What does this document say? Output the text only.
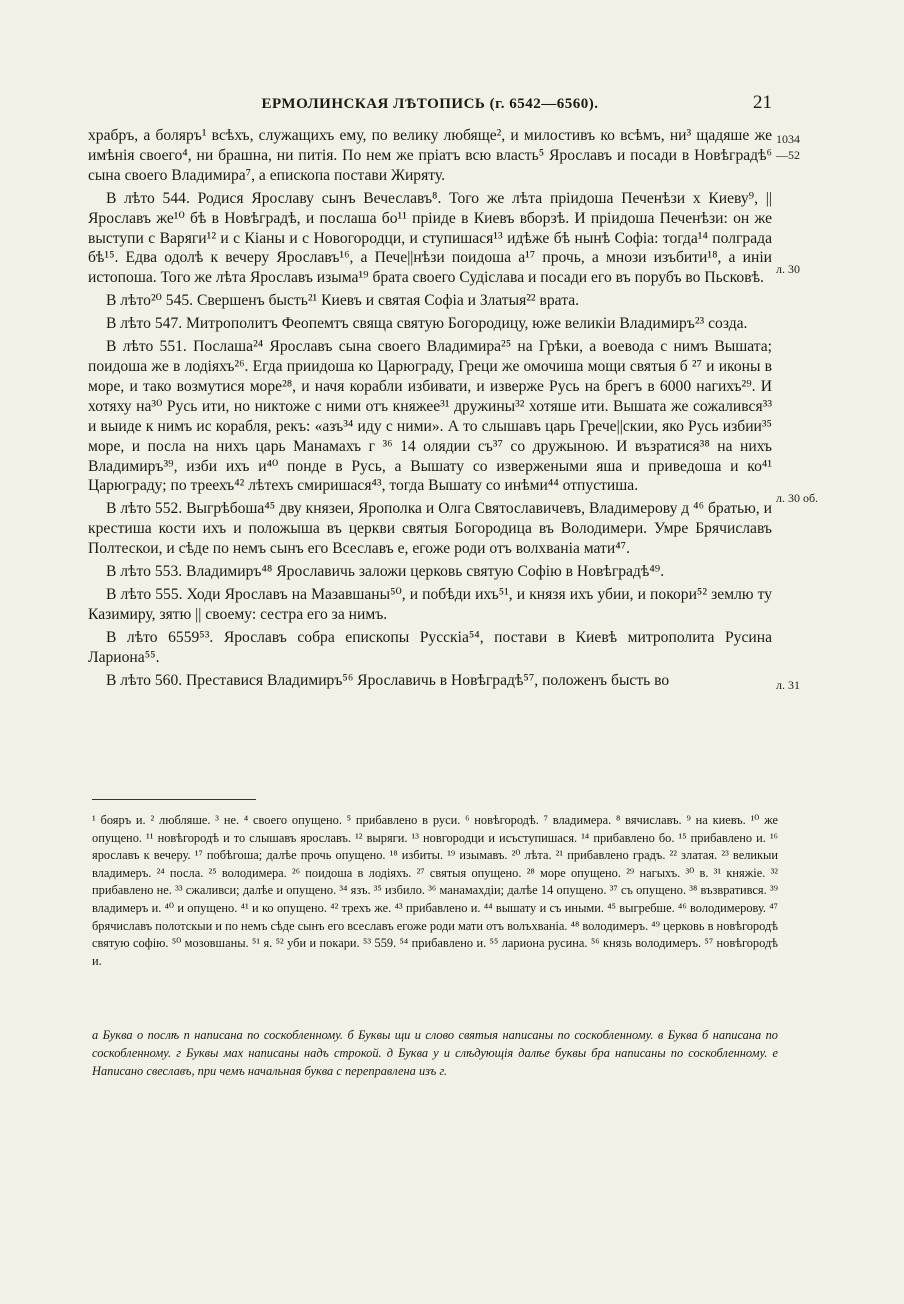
ЕРМОЛИНСКАЯ ЛѢТОПИСЬ (г. 6542—6560).	21
1034
—52
л. 30
л. 30 об.
л. 31

храбръ, а боляръ¹ всѣхъ, служащихъ ему, по велику любяще², и милостивъ ко всѣмъ, ни³ щадяше же имѣнія своего⁴, ни брашна, ни питія. По нем же пріатъ всю власть⁵ Ярославъ и посади в Новѣградѣ⁶ сына своего Владимира⁷, а епископа постави Жиряту.

В лѣто 544. Родися Ярославу сынъ Вечеславъ⁸. Того же лѣта пріидоша Печенѣзи х Киеву⁹, || Ярославъ же¹⁰ бѣ в Новѣградѣ, и послаша бо¹¹ пріиде в Киевъ вборзѣ. И пріидоша Печенѣзи: он же выступи с Варяги¹² и с Кіаны и с Новогородци, и ступишася¹³ идѣже бѣ нынѣ Софіа: тогда¹⁴ полграда бѣ¹⁵. Едва одолѣ к вечеру Ярославъ¹⁶, а Пече||нѣзи поидоша а¹⁷ прочь, а мнози изъбити¹⁸, а иніи истопоша. Того же лѣта Ярославъ изыма¹⁹ брата своего Судіслава и посади его въ порубъ во Пьсковѣ.

В лѣто²⁰ 545. Свершенъ бысть²¹ Киевъ и святая Софіа и Златыя²² врата.

В лѣто 547. Митрополитъ Феопемтъ свяща святую Богородицу, юже великіи Владимиръ²³ созда.

В лѣто 551. Послаша²⁴ Ярославъ сына своего Владимира²⁵ на Грѣки, а воевода с нимъ Вышата; поидоша же в лодіяхъ²⁶. Егда приидоша ко Царюграду, Греци же омочиша мощи святыя б ²⁷ и иконы в море, и тако возмутися море²⁸, и начя корабли избивати, и изверже Русь на брегъ в 6000 нагихъ²⁹. И хотяху на³⁰ Русь ити, но никтоже с ними отъ княжее³¹ дружины³² хотяше ити. Вышата же сожалився³³ и выиде к нимъ ис корабля, рекъ: «азъ³⁴ иду с ними». А то слышавъ царь Грече||скии, яко Русь избии³⁵ море, и посла на нихъ царь Манамахъ г ³⁶ 14 олядии съ³⁷ со дружыною. И възратися³⁸ на нихъ Владимиръ³⁹, изби ихъ и⁴⁰ пондe в Русь, а Вышату со извержеными яша и приведоша и ко⁴¹ Царюграду; по треехъ⁴² лѣтехъ смиришася⁴³, тогда Вышату со инѣми⁴⁴ отпустиша.

В лѣто 552. Выгрѣбоша⁴⁵ дву князеи, Ярополка и Олга Святославичевъ, Владимерову д ⁴⁶ братью, и крестиша кости ихъ и положыша въ церкви святыя Богородица въ Володимери. Умре Брячиславъ Полтескои, и сѣде по немъ сынъ его Всеславъ е, егоже роди отъ волхваніа мати⁴⁷.

В лѣто 553. Владимиръ⁴⁸ Ярославичь заложи церковь святую Софію в Новѣградѣ⁴⁹.

В лѣто 555. Ходи Ярославъ на Мазавшаны⁵⁰, и побѣди ихъ⁵¹, и князя ихъ убии, и покори⁵² землю ту Казимиру, зятю || своему: сестра его за нимъ.

В лѣто 6559⁵³. Ярославъ собра епископы Русскіа⁵⁴, постави в Киевѣ митрополита Русина Лариона⁵⁵.

В лѣто 560. Преставися Владимиръ⁵⁶ Ярославичь в Новѣградѣ⁵⁷, положенъ бысть во

¹ бояръ и. ² любляше. ³ не. ⁴ своего опущено. ⁵ прибавлено в руси. ⁶ новѣгородѣ. ⁷ владимера. ⁸ вячиславъ. ⁹ на киевъ. ¹⁰ же опущено. ¹¹ новѣгородѣ и то слышавъ ярославъ. ¹² выряги. ¹³ новгородци и исъступишася. ¹⁴ прибавлено бо. ¹⁵ прибавлено и. ¹⁶ ярославъ к вечеру. ¹⁷ побѣгоша; далѣе прочь опущено. ¹⁸ избиты. ¹⁹ изымавъ. ²⁰ лѣта. ²¹ прибавлено градъ. ²² златая. ²³ великыи владимеръ. ²⁴ посла. ²⁵ володимера. ²⁶ поидоша в лодіяхъ. ²⁷ святыя опущено. ²⁸ море опущено. ²⁹ нагыхъ. ³⁰ в. ³¹ княжіе. ³² прибавлено не. ³³ сжаливси; далѣе и опущено. ³⁴ язъ. ³⁵ избило. ³⁶ манамахдіи; далѣе 14 опущено. ³⁷ съ опущено. ³⁸ възвратився. ³⁹ владимеръ и. ⁴⁰ и опущено. ⁴¹ и ко опущено. ⁴² трехъ же. ⁴³ прибавлено и. ⁴⁴ вышату и съ иными. ⁴⁵ выгребше. ⁴⁶ володимерову. ⁴⁷ брячиславъ полотскыи и по немъ сѣде сынъ его всеславъ егоже роди мати отъ волъхваніа. ⁴⁸ володимеръ. ⁴⁹ церковь в новѣгородѣ святую софію. ⁵⁰ мозовшаны. ⁵¹ я. ⁵² уби и покари. ⁵³ 559. ⁵⁴ прибавлено и. ⁵⁵ лариона русина. ⁵⁶ князь володимеръ. ⁵⁷ новѣгородѣ и.

а Буква о послѣ п написана по соскобленному. б Буквы щи и слово святыя написаны по соскобленному. в Буква б написана по соскобленному. г Буквы мах написаны надъ строкой. д Буква у и слѣдующія далѣе буквы бра написаны по соскобленному. е Написано свеславъ, при чемъ начальная буква с переправлена изъ г.
